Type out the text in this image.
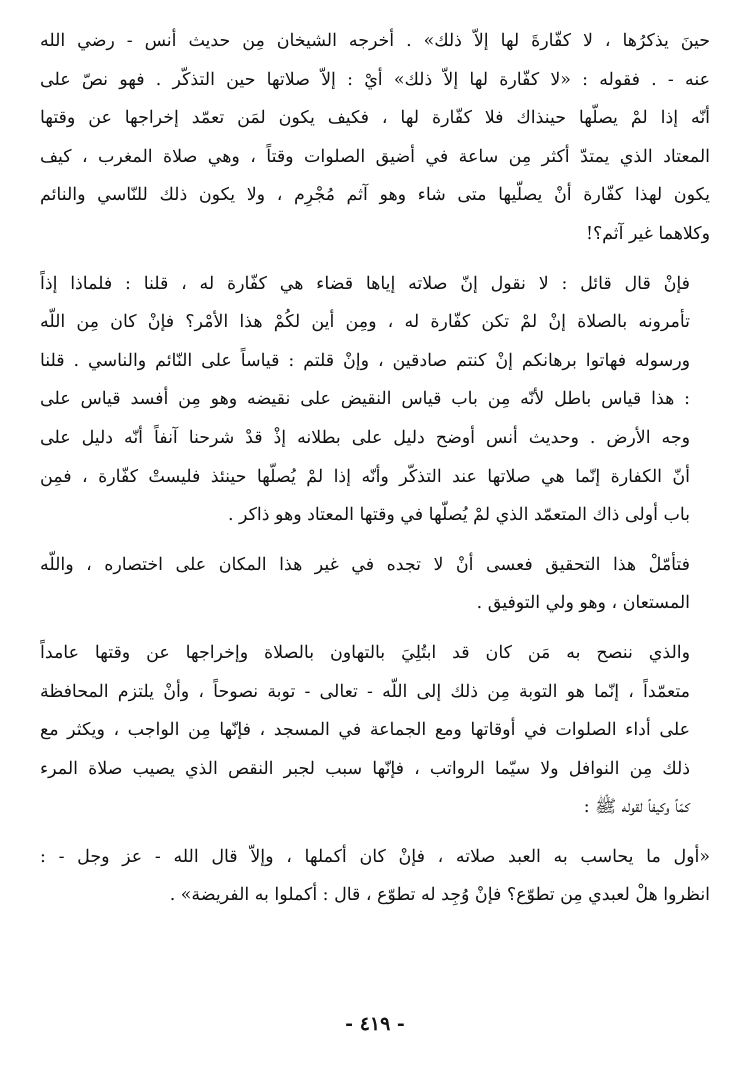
حينَ يذكرُها ، لا كفّارةَ لها إلاّ ذلك» . أخرجه الشيخان مِن حديث أنس - رضي الله
عنه - . فقوله : «لا كفّارة لها إلاّ ذلك» أيْ : إلاّ صلاتها حين التذكّر . فهو نصّ على
أنّه إذا لمْ يصلّها حينذاك فلا كفّارة لها ، فكيف يكون لمَن تعمّد إخراجها عن وقتها
المعتاد الذي يمتدّ أكثر مِن ساعة في أضيق الصلوات وقتاً ، وهي صلاة المغرب ، كيف
يكون لهذا كفّارة أنْ يصلّيها متى شاء وهو آثم مُجْرِم ، ولا يكون ذلك للنّاسي والنائم
وكلاهما غير آثم؟!

فإنْ قال قائل : لا نقول إنّ صلاته إياها قضاء هي كفّارة له ، قلنا : فلماذا إذاً
تأمرونه بالصلاة إنْ لمْ تكن كفّارة له ، ومِن أين لكُمْ هذا الأمْر؟ فإنْ كان مِن اللّه
ورسوله فهاتوا برهانكم إنْ كنتم صادقين ، وإنْ قلتم : قياساً على النّائم والناسي . قلنا
: هذا قياس باطل لأنّه مِن باب قياس النقيض على نقيضه وهو مِن أفسد قياس على
وجه الأرض . وحديث أنس أوضح دليل على بطلانه إذْ قدْ شرحنا آنفاً أنّه دليل على
أنّ الكفارة إنّما هي صلاتها عند التذكّر وأنّه إذا لمْ يُصلّها حينئذ فليستْ كفّارة ، فمِن
باب أولى ذاك المتعمّد الذي لمْ يُصلّها في وقتها المعتاد وهو ذاكر .

فتأمّلْ هذا التحقيق فعسى أنْ لا تجده في غير هذا المكان على اختصاره ، واللّه
المستعان ، وهو ولي التوفيق .

والذي ننصح به مَن كان قد ابتُلِيَ بالتهاون بالصلاة وإخراجها عن وقتها عامداً
متعمّداً ، إنّما هو التوبة مِن ذلك إلى اللّه - تعالى - توبة نصوحاً ، وأنْ يلتزم المحافظة
على أداء الصلوات في أوقاتها ومع الجماعة في المسجد ، فإنّها مِن الواجب ، ويكثر مع
ذلك مِن النوافل ولا سيّما الرواتب ، فإنّها سبب لجبر النقص الذي يصيب صلاة المرء
كمّاً وكيفاً لقوله ﷺ :

«أول ما يحاسب به العبد صلاته ، فإنْ كان أكملها ، وإلاّ قال الله - عز وجل - :
انظروا هلْ لعبدي مِن تطوّع؟ فإنْ وُجِد له تطوّع ، قال : أكملوا به الفريضة» .

- ٤١٩ -
